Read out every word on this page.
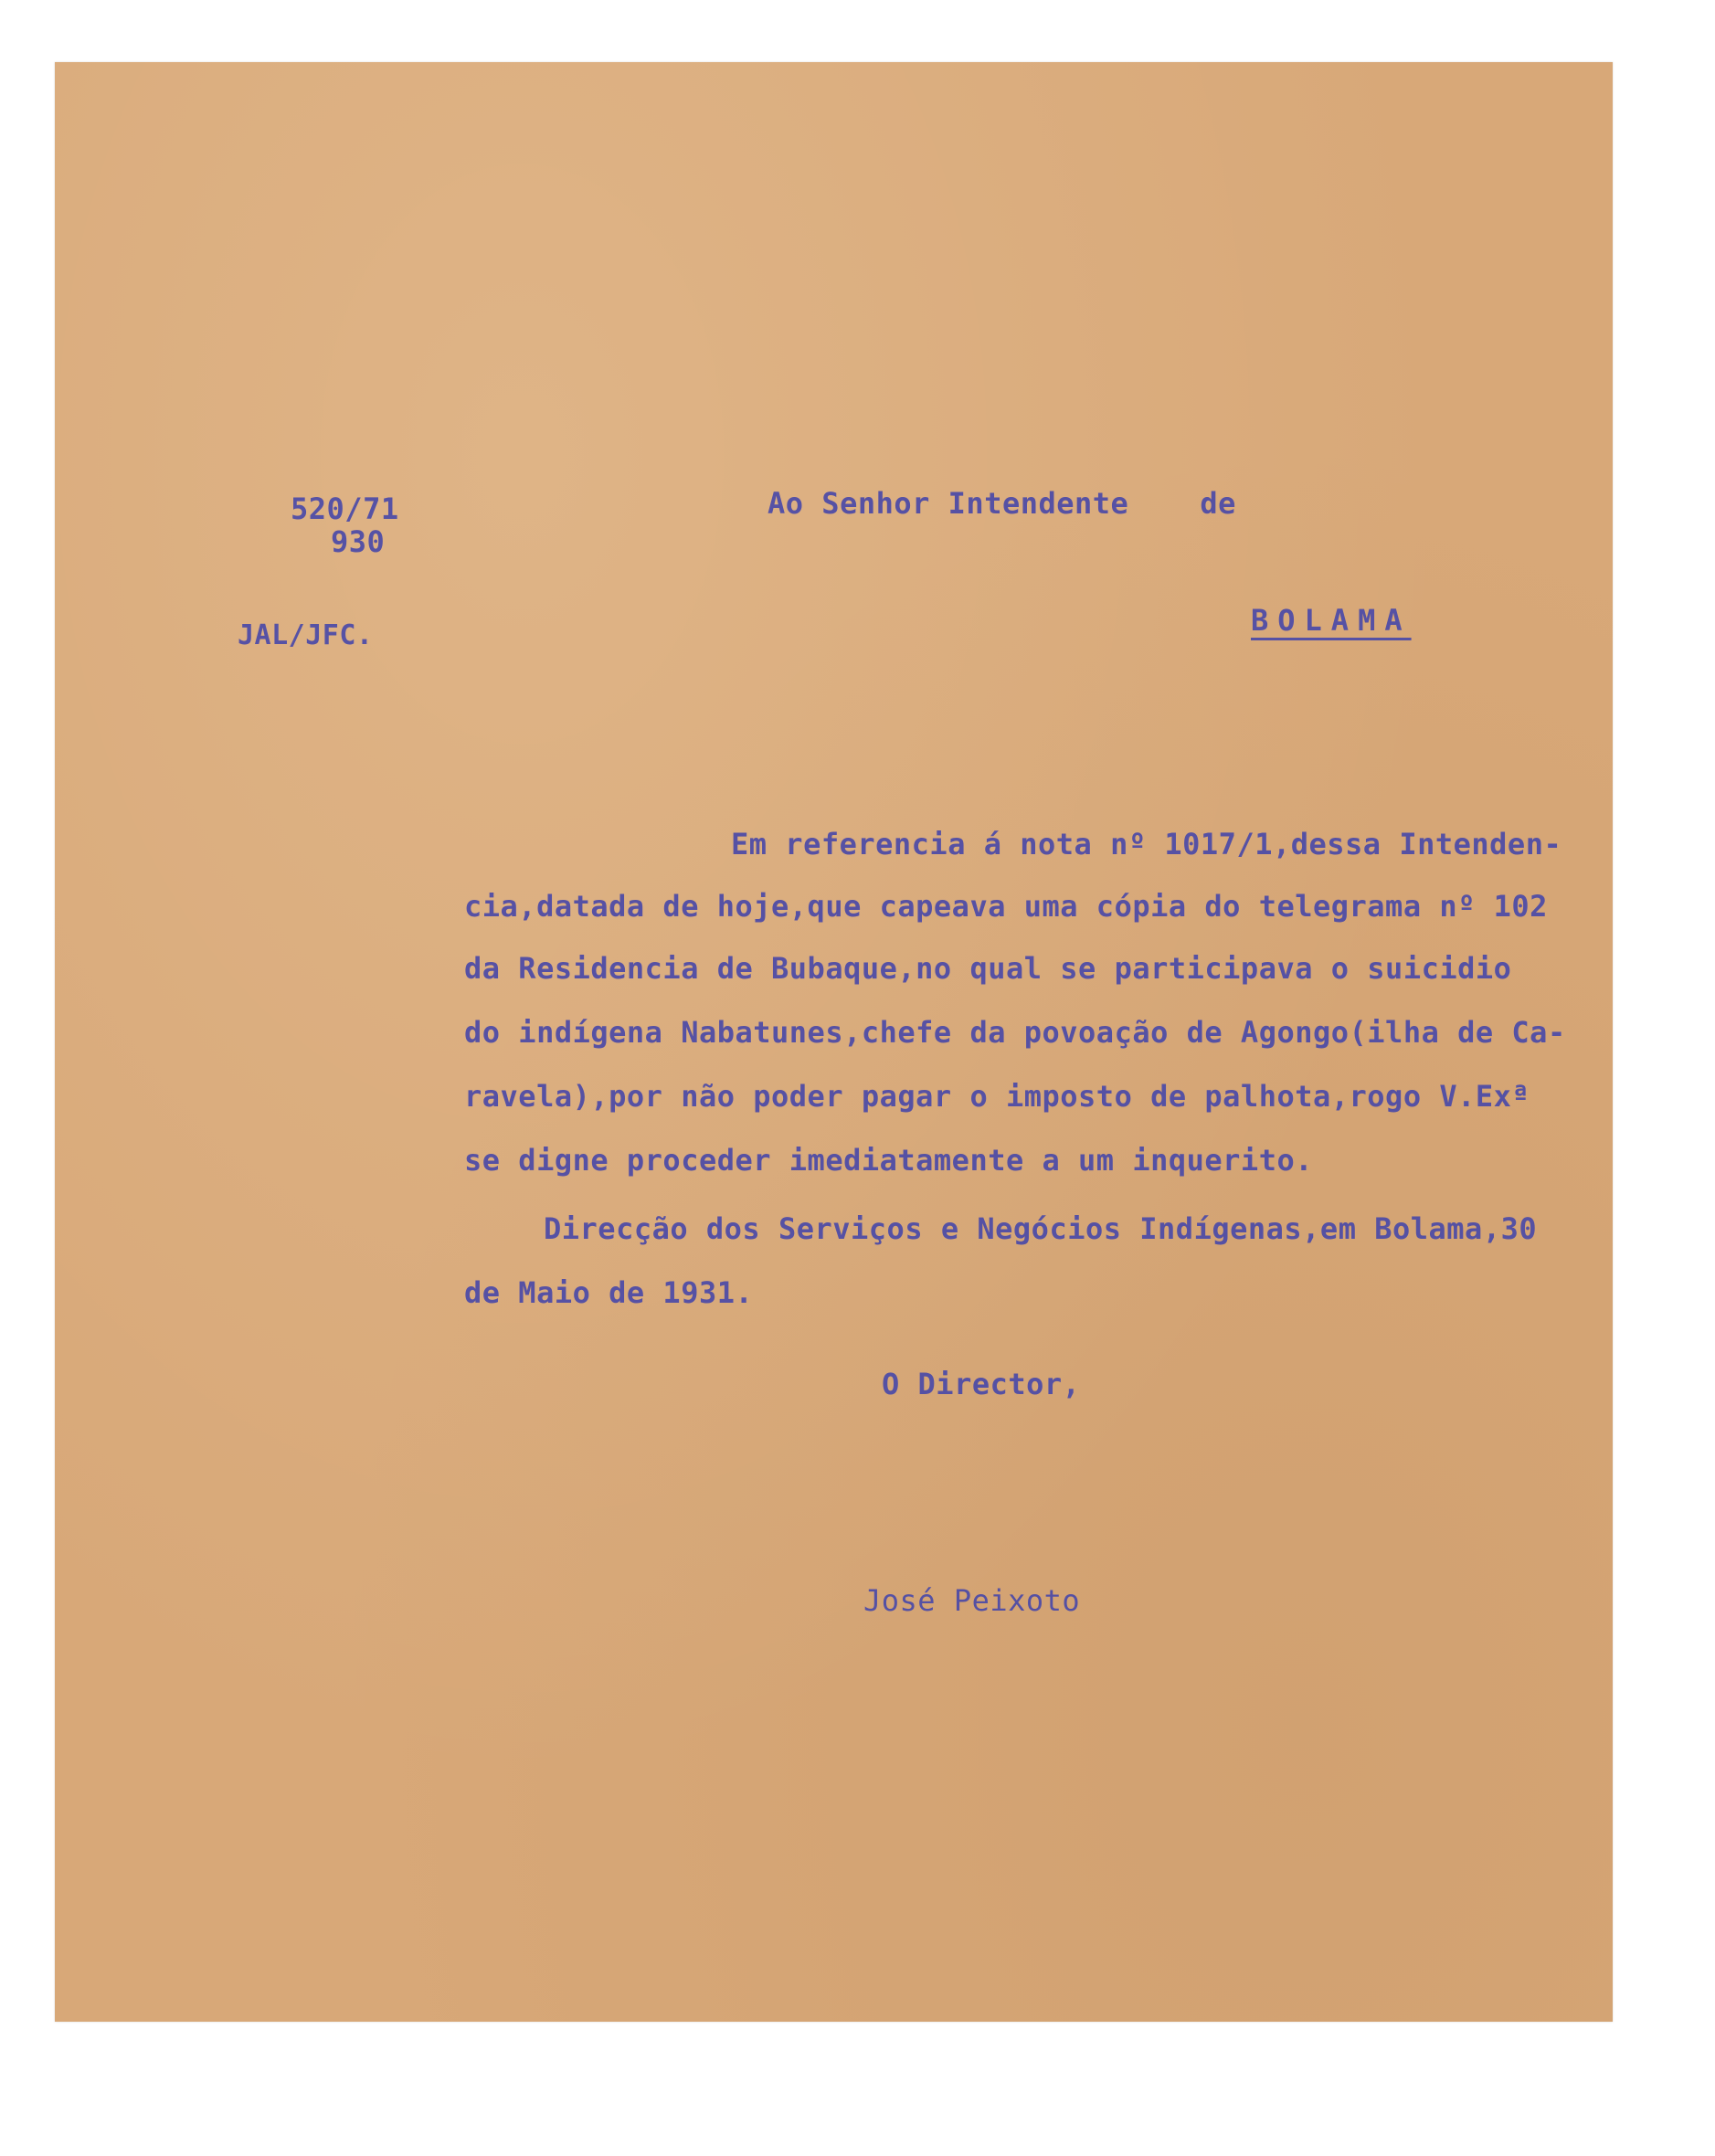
520/71
930
JAL/JFC.
Ao Senhor Intendente de
BOLAMA
Em referencia á nota nº 1017/1,dessa Intenden-
cia,datada de hoje,que capeava uma cópia do telegrama nº 102
da Residencia de Bubaque,no qual se participava o suicidio
do indígena Nabatunes,chefe da povoação de Agongo(ilha de Ca-
ravela),por não poder pagar o imposto de palhota,rogo V.Exª
se digne proceder imediatamente a um inquerito.
Direcção dos Serviços e Negócios Indígenas,em Bolama,30
de Maio de 1931.
O Director,
José Peixoto
